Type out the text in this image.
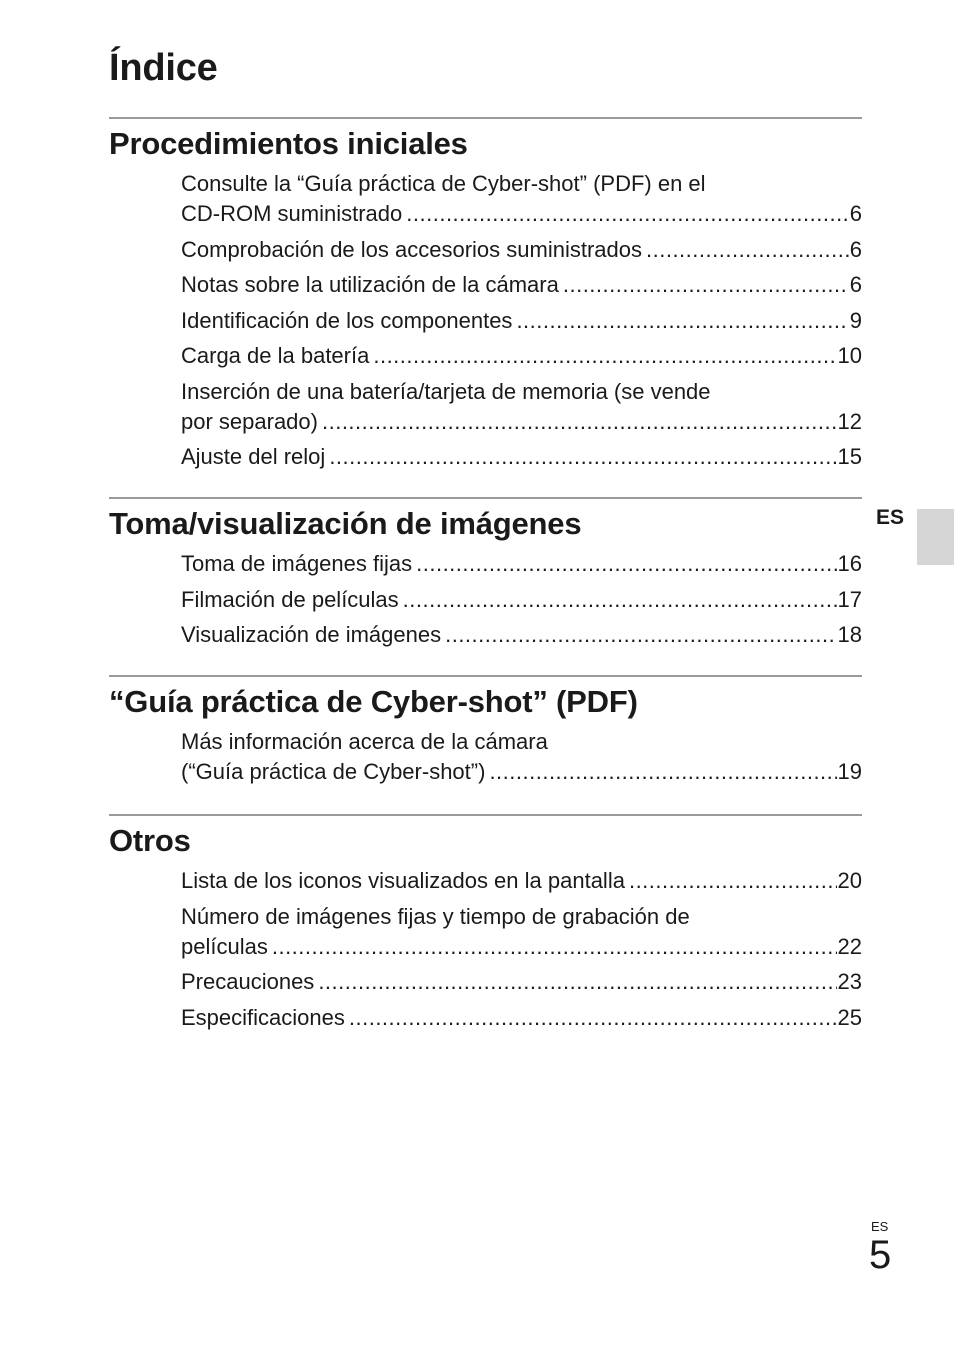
Índice
Procedimientos iniciales
Consulte la “Guía práctica de Cyber-shot” (PDF) en el
CD-ROM suministrado .....	6
Comprobación de los accesorios suministrados .....	6
Notas sobre la utilización de la cámara .....	6
Identificación de los componentes .....	9
Carga de la batería .....	10
Inserción de una batería/tarjeta de memoria (se vende
por separado) .....	12
Ajuste del reloj .....	15
Toma/visualización de imágenes
Toma de imágenes fijas .....	16
Filmación de películas .....	17
Visualización de imágenes .....	18
“Guía práctica de Cyber-shot” (PDF)
Más información acerca de la cámara
(“Guía práctica de Cyber-shot”) .....	19
Otros
Lista de los iconos visualizados en la pantalla .....	20
Número de imágenes fijas y tiempo de grabación de
películas .....	22
Precauciones .....	23
Especificaciones .....	25
ES
ES
5
